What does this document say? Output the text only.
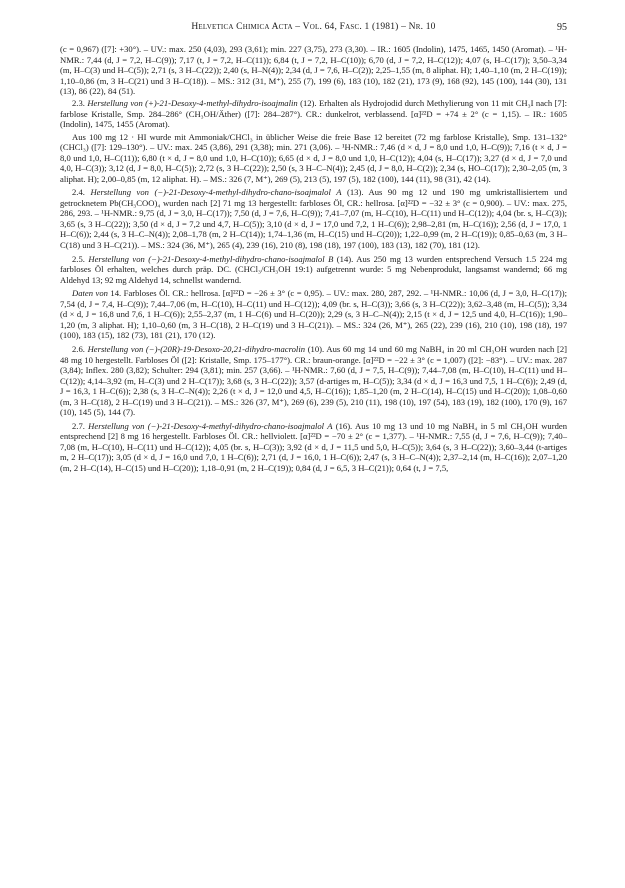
Helvetica Chimica Acta – Vol. 64, Fasc. 1 (1981) – Nr. 10	95

(c = 0,967) ([7]: +30°). – UV.: max. 250 (4,03), 293 (3,61); min. 227 (3,75), 273 (3,30). – IR.: 1605 (Indolin), 1475, 1465, 1450 (Aromat). – ¹H-NMR.: 7,44 (d, J = 7,2, H–C(9)); 7,17 (t, J = 7,2, H–C(11)); 6,84 (t, J = 7,2, H–C(10)); 6,70 (d, J = 7,2, H–C(12)); 4,07 (s, H–C(17)); 3,50–3,34 (m, H–C(3) und H–C(5)); 2,71 (s, 3 H–C(22)); 2,40 (s, H–N(4)); 2,34 (d, J = 7,6, H–C(2)); 2,25–1,55 (m, 8 aliphat. H); 1,40–1,10 (m, 2 H–C(19)); 1,10–0,86 (m, 3 H–C(21) und 3 H–C(18)). – MS.: 312 (31, M⁺), 255 (7), 199 (6), 183 (10), 182 (21), 173 (9), 168 (92), 145 (100), 144 (30), 131 (13), 86 (22), 84 (51).

2.3. Herstellung von (+)-21-Desoxy-4-methyl-dihydro-isoajmalin (12). Erhalten als Hydrojodid durch Methylierung von 11 mit CH₃I nach [7]: farblose Kristalle, Smp. 284–286° (CH₃OH/Äther) ([7]: 284–287°). CR.: dunkelrot, verblassend. [α]²²D = +74 ± 2° (c = 1,15). – IR.: 1605 (Indolin), 1475, 1455 (Aromat).

Aus 100 mg 12 · HI wurde mit Ammoniak/CHCl₃ in üblicher Weise die freie Base 12 bereitet (72 mg farblose Kristalle), Smp. 131–132° (CHCl₃) ([7]: 129–130°). – UV.: max. 245 (3,86), 291 (3,38); min. 271 (3,06). – ¹H-NMR.: 7,46 (d × d, J = 8,0 und 1,0, H–C(9)); 7,16 (t × d, J = 8,0 und 1,0, H–C(11)); 6,80 (t × d, J = 8,0 und 1,0, H–C(10)); 6,65 (d × d, J = 8,0 und 1,0, H–C(12)); 4,04 (s, H–C(17)); 3,27 (d × d, J = 7,0 und 4,0, H–C(3)); 3,12 (d, J = 8,0, H–C(5)); 2,72 (s, 3 H–C(22)); 2,50 (s, 3 H–C–N(4)); 2,45 (d, J = 8,0, H–C(2)); 2,34 (s, HO–C(17)); 2,30–2,05 (m, 3 aliphat. H); 2,00–0,85 (m, 12 aliphat. H). – MS.: 326 (7, M⁺), 269 (5), 213 (5), 197 (5), 182 (100), 144 (11), 98 (31), 42 (14).

2.4. Herstellung von (−)-21-Desoxy-4-methyl-dihydro-chano-isoajmalol A (13). Aus 90 mg 12 und 190 mg umkristallisiertem und getrocknetem Pb(CH₃COO)₄ wurden nach [2] 71 mg 13 hergestellt: farbloses Öl, CR.: hellrosa. [α]²²D = −32 ± 3° (c = 0,900). – UV.: max. 275, 286, 293. – ¹H-NMR.: 9,75 (d, J = 3,0, H–C(17)); 7,50 (d, J = 7,6, H–C(9)); 7,41–7,07 (m, H–C(10), H–C(11) und H–C(12)); 4,04 (br. s, H–C(3)); 3,65 (s, 3 H–C(22)); 3,50 (d × d, J = 7,2 und 4,7, H–C(5)); 3,10 (d × d, J = 17,0 und 7,2, 1 H–C(6)); 2,98–2,81 (m, H–C(16)); 2,56 (d, J = 17,0, 1 H–C(6)); 2,44 (s, 3 H–C–N(4)); 2,08–1,78 (m, 2 H–C(14)); 1,74–1,36 (m, H–C(15) und H–C(20)); 1,22–0,99 (m, 2 H–C(19)); 0,85–0,63 (m, 3 H–C(18) und 3 H–C(21)). – MS.: 324 (36, M⁺), 265 (4), 239 (16), 210 (8), 198 (18), 197 (100), 183 (13), 182 (70), 181 (12).

2.5. Herstellung von (−)-21-Desoxy-4-methyl-dihydro-chano-isoajmalol B (14). Aus 250 mg 13 wurden entsprechend Versuch 1.5 224 mg farbloses Öl erhalten, welches durch präp. DC. (CHCl₃/CH₃OH 19:1) aufgetrennt wurde: 5 mg Nebenprodukt, langsamst wandernd; 66 mg Aldehyd 13; 92 mg Aldehyd 14, schnellst wandernd.

Daten von 14. Farbloses Öl. CR.: hellrosa. [α]²²D = −26 ± 3° (c = 0,95). – UV.: max. 280, 287, 292. – ¹H-NMR.: 10,06 (d, J = 3,0, H–C(17)); 7,54 (d, J = 7,4, H–C(9)); 7,44–7,06 (m, H–C(10), H–C(11) und H–C(12)); 4,09 (br. s, H–C(3)); 3,66 (s, 3 H–C(22)); 3,62–3,48 (m, H–C(5)); 3,34 (d × d, J = 16,8 und 7,6, 1 H–C(6)); 2,55–2,37 (m, 1 H–C(6) und H–C(20)); 2,29 (s, 3 H–C–N(4)); 2,15 (t × d, J = 12,5 und 4,0, H–C(16)); 1,90–1,20 (m, 3 aliphat. H); 1,10–0,60 (m, 3 H–C(18), 2 H–C(19) und 3 H–C(21)). – MS.: 324 (26, M⁺), 265 (22), 239 (16), 210 (10), 198 (18), 197 (100), 183 (15), 182 (73), 181 (21), 170 (12).

2.6. Herstellung von (−)-(20R)-19-Desoxo-20,21-dihydro-macrolin (10). Aus 60 mg 14 und 60 mg NaBH₄ in 20 ml CH₃OH wurden nach [2] 48 mg 10 hergestellt. Farbloses Öl ([2]: Kristalle, Smp. 175–177°). CR.: braun-orange. [α]²²D = −22 ± 3° (c = 1,007) ([2]: −83°). – UV.: max. 287 (3,84); Inflex. 280 (3,82); Schulter: 294 (3,81); min. 257 (3,66). – ¹H-NMR.: 7,60 (d, J = 7,5, H–C(9)); 7,44–7,08 (m, H–C(10), H–C(11) und H–C(12)); 4,14–3,92 (m, H–C(3) und 2 H–C(17)); 3,68 (s, 3 H–C(22)); 3,57 (d-artiges m, H–C(5)); 3,34 (d × d, J = 16,3 und 7,5, 1 H–C(6)); 2,49 (d, J = 16,3, 1 H–C(6)); 2,38 (s, 3 H–C–N(4)); 2,26 (t × d, J = 12,0 und 4,5, H–C(16)); 1,85–1,20 (m, 2 H–C(14), H–C(15) und H–C(20)); 1,08–0,60 (m, 3 H–C(18), 2 H–C(19) und 3 H–C(21)). – MS.: 326 (37, M⁺), 269 (6), 239 (5), 210 (11), 198 (10), 197 (54), 183 (19), 182 (100), 170 (9), 167 (10), 145 (5), 144 (7).

2.7. Herstellung von (−)-21-Desoxy-4-methyl-dihydro-chano-isoajmalol A (16). Aus 10 mg 13 und 10 mg NaBH₄ in 5 ml CH₃OH wurden entsprechend [2] 8 mg 16 hergestellt. Farbloses Öl. CR.: hellviolett. [α]²²D = −70 ± 2° (c = 1,377). – ¹H-NMR.: 7,55 (d, J = 7,6, H–C(9)); 7,40–7,08 (m, H–C(10), H–C(11) und H–C(12)); 4,05 (br. s, H–C(3)); 3,92 (d × d, J = 11,5 und 5,0, H–C(5)); 3,64 (s, 3 H–C(22)); 3,60–3,44 (t-artiges m, 2 H–C(17)); 3,05 (d × d, J = 16,0 und 7,0, 1 H–C(6)); 2,71 (d, J = 16,0, 1 H–C(6)); 2,47 (s, 3 H–C–N(4)); 2,37–2,14 (m, H–C(16)); 2,07–1,20 (m, 2 H–C(14), H–C(15) und H–C(20)); 1,18–0,91 (m, 2 H–C(19)); 0,84 (d, J = 6,5, 3 H–C(21)); 0,64 (t, J = 7,5,
